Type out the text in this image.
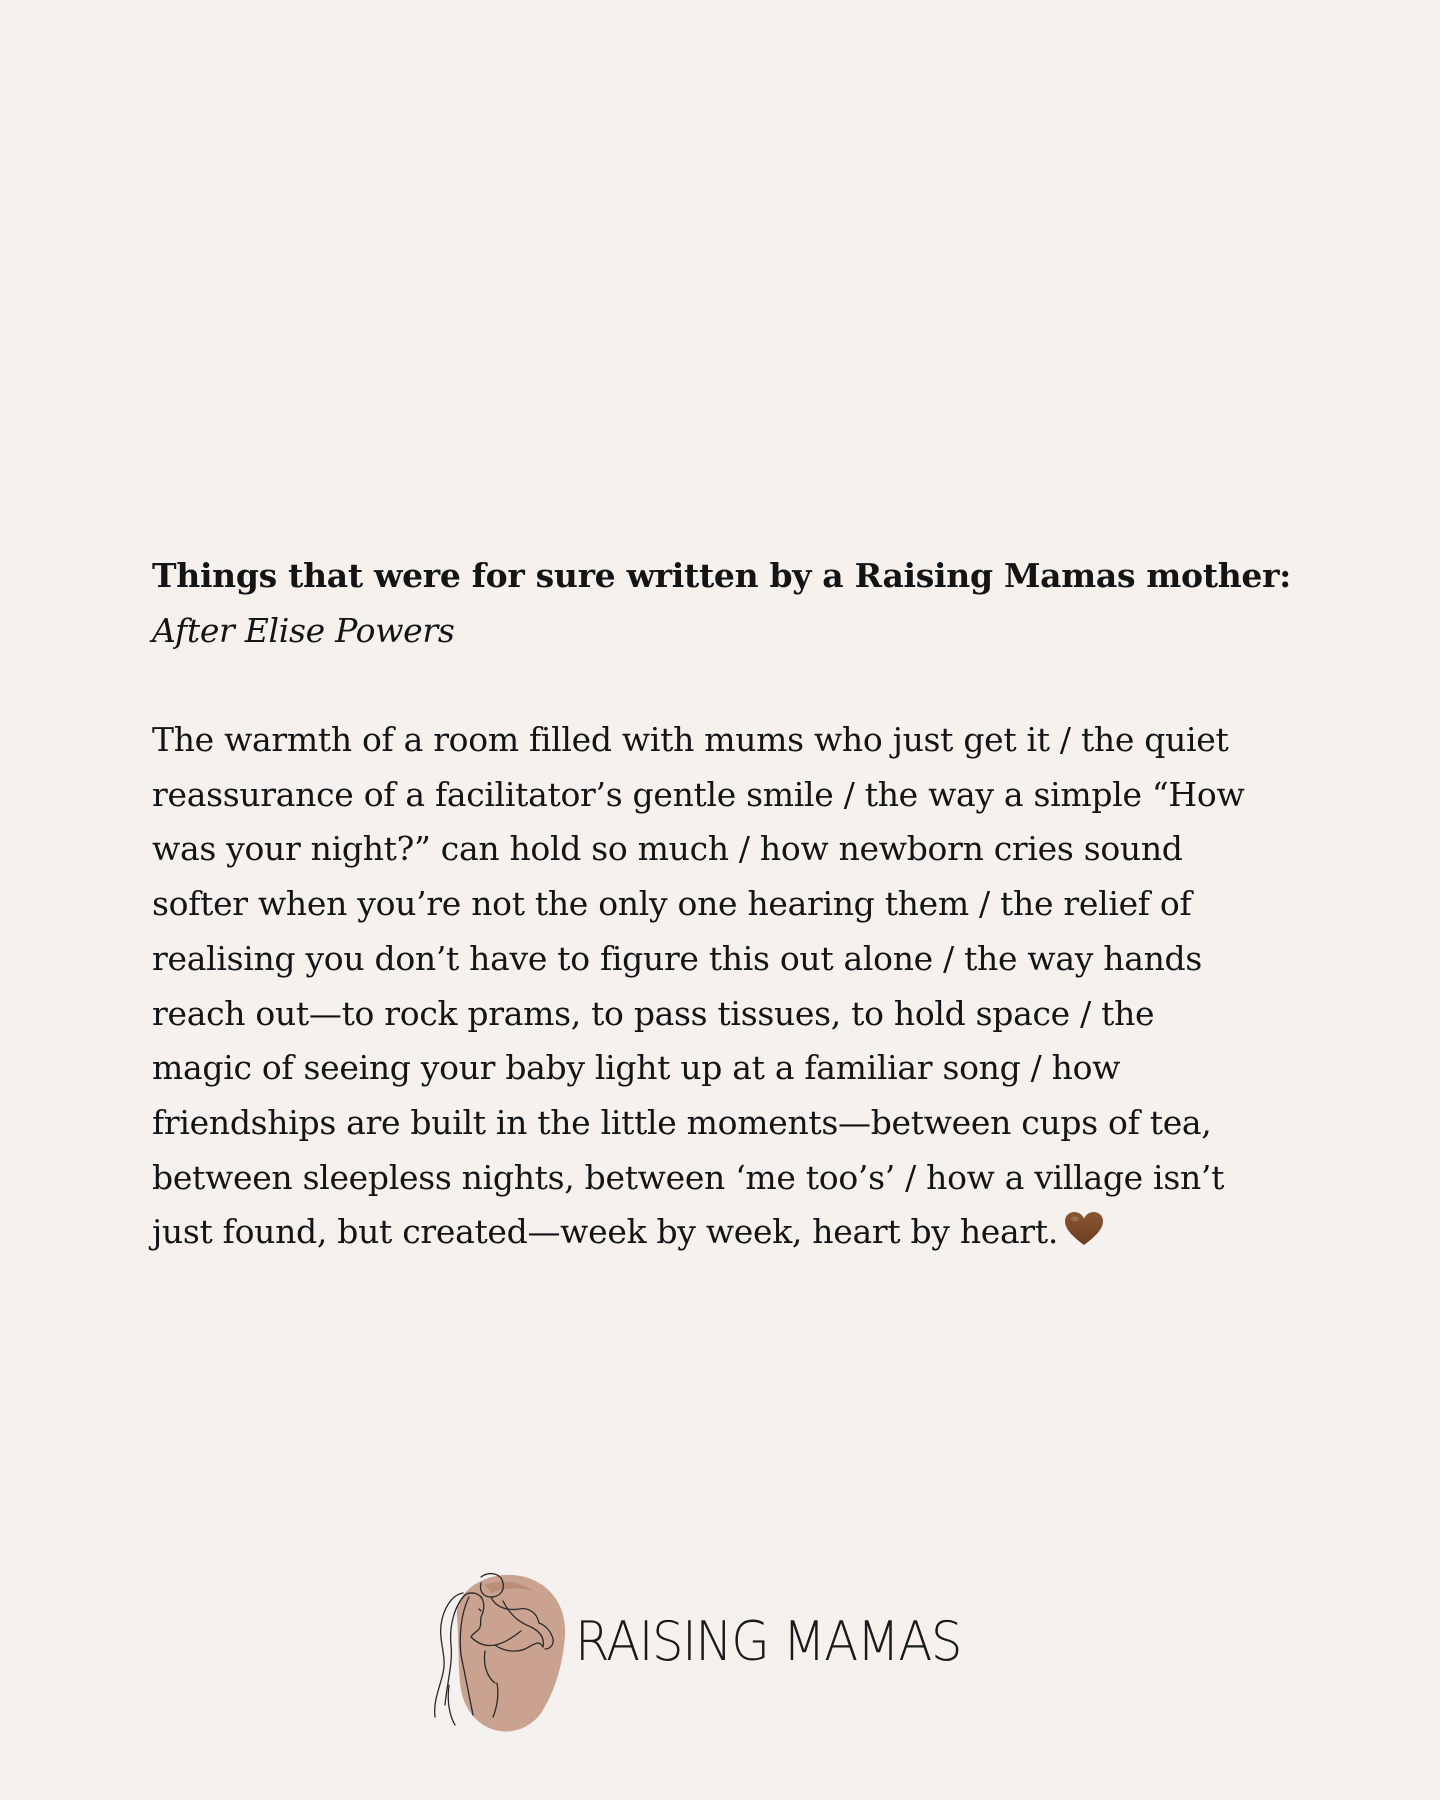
Things that were for sure written by a Raising Mamas mother:

After Elise Powers

The warmth of a room filled with mums who just get it / the quiet
reassurance of a facilitator’s gentle smile / the way a simple “How
was your night?” can hold so much / how newborn cries sound
softer when you’re not the only one hearing them / the relief of
realising you don’t have to figure this out alone / the way hands
reach out—to rock prams, to pass tissues, to hold space / the
magic of seeing your baby light up at a familiar song / how
friendships are built in the little moments—between cups of tea,
between sleepless nights, between ‘me too’s’ / how a village isn’t
just found, but created—week by week, heart by heart.
RAISING MAMAS
